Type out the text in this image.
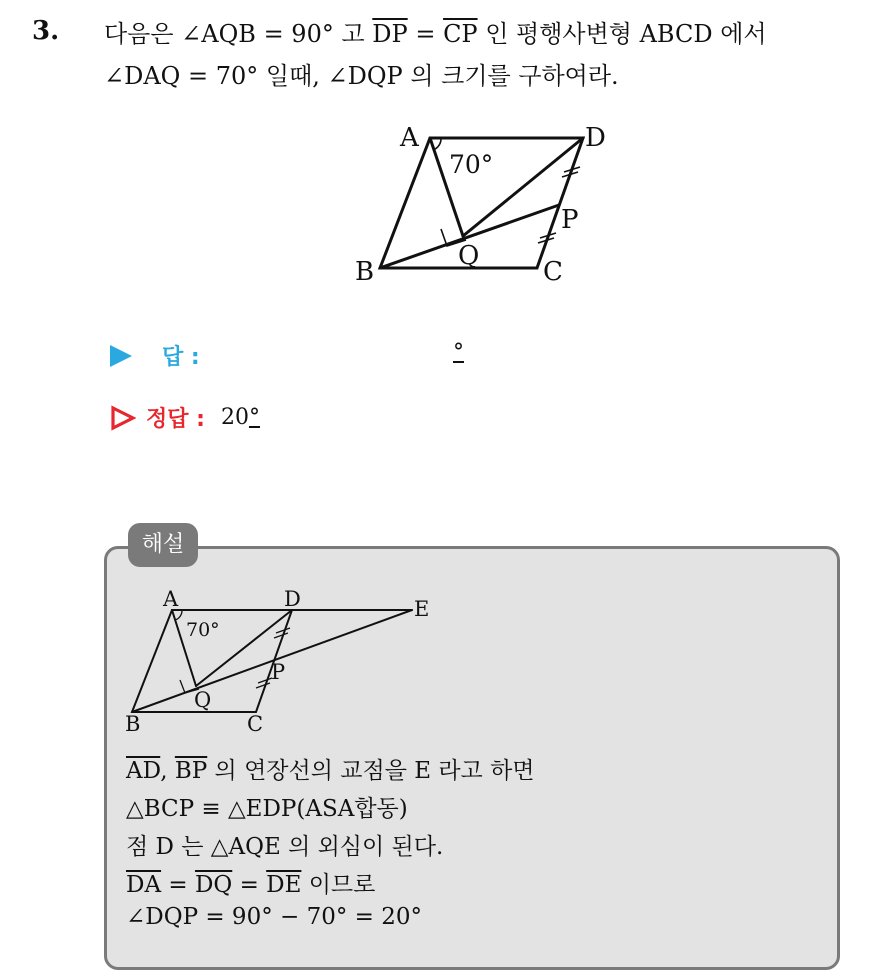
3. 다음은 ∠AQB = 90° 고 $\overline{DP} = \overline{CP}$ 인 평행사변형 ABCD 에서
∠DAQ = 70° 일때, ∠DQP 의 크기를 구하여라.
A	D
P
Q
B	C
70°
답 :	°
정답 : 20°
해설
A	D	E
P
Q
B	C
70°
$\overline{AD}$, $\overline{BP}$ 의 연장선의 교점을 E 라고 하면
△BCP ≡ △EDP(ASA합동)
점 D 는 △AQE 의 외심이 된다.
$\overline{DA} = \overline{DQ} = \overline{DE}$ 이므로
∠DQP = 90° − 70° = 20°
